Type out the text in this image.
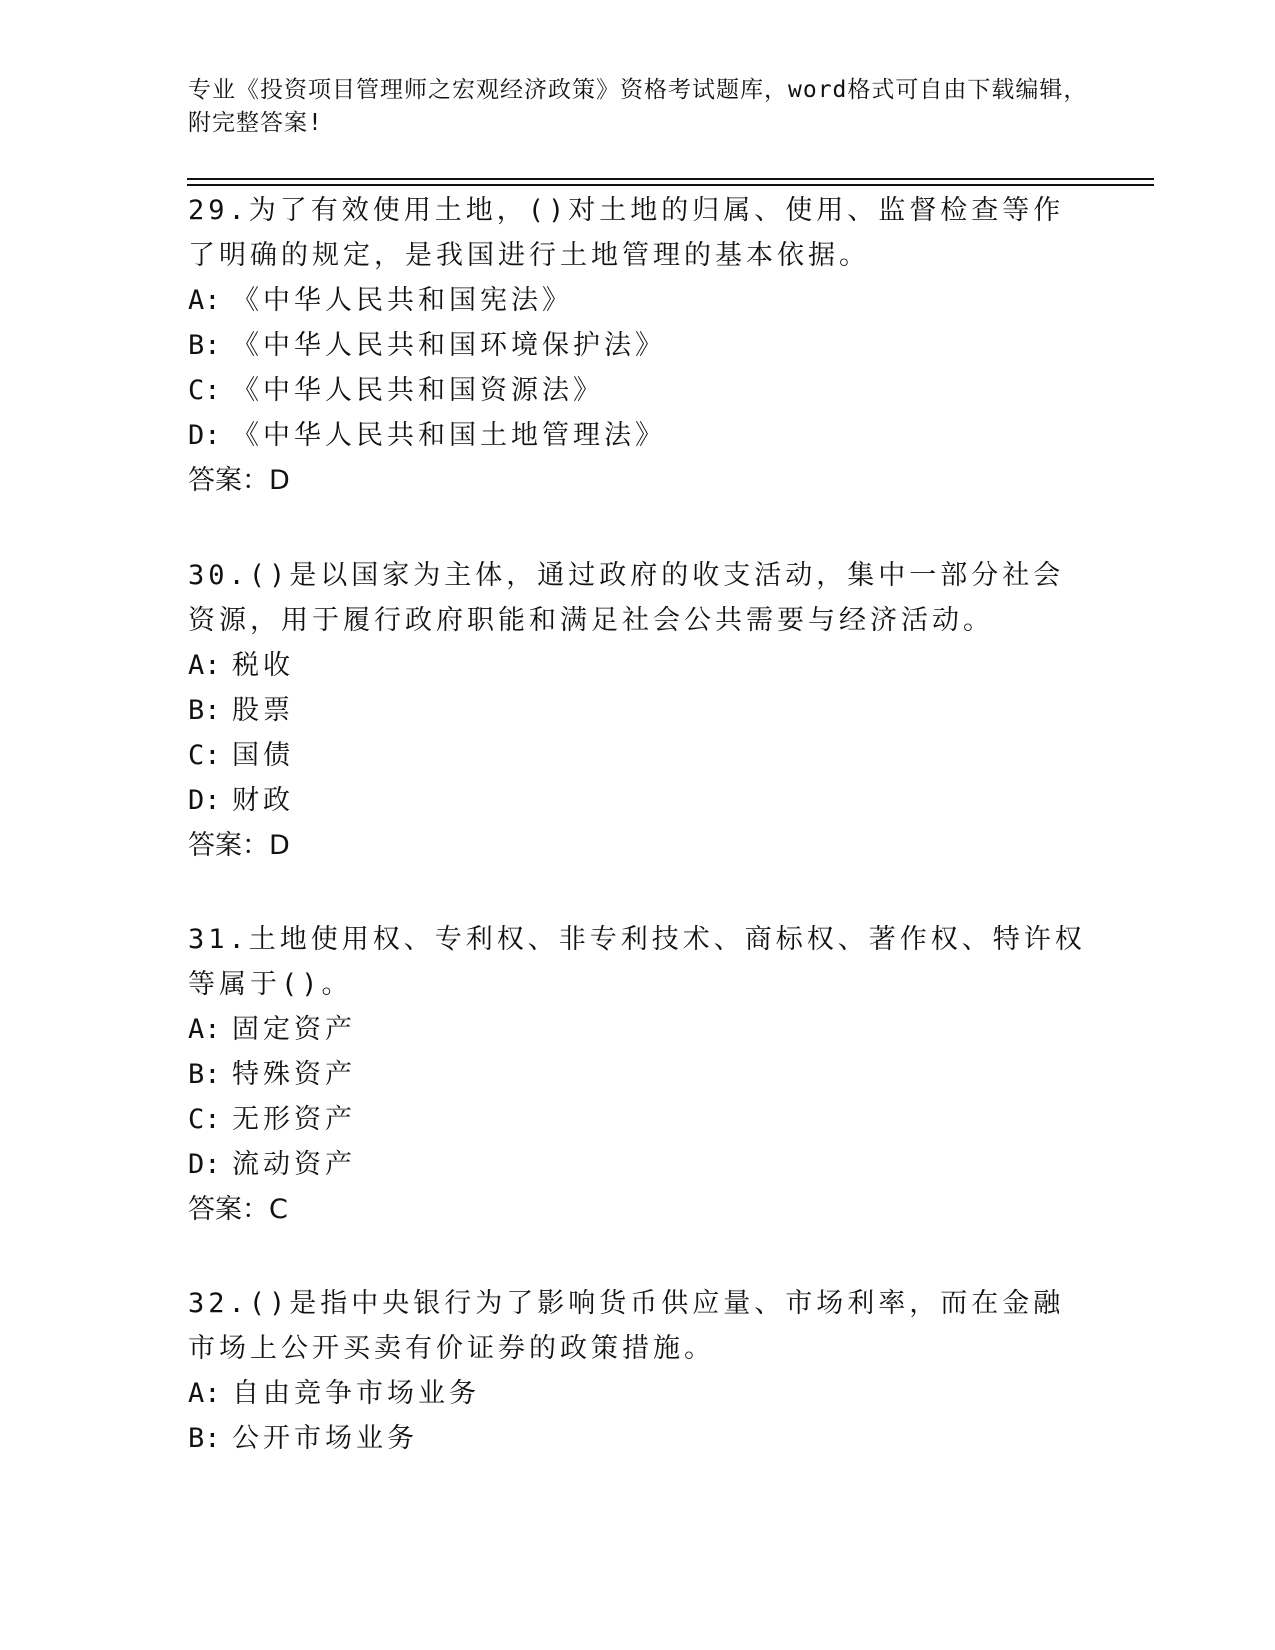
专业《投资项目管理师之宏观经济政策》资格考试题库，word格式可自由下载编辑，附完整答案!
29.为了有效使用土地，()对土地的归属、使用、监督检查等作了明确的规定，是我国进行土地管理的基本依据。
A: 《中华人民共和国宪法》
B: 《中华人民共和国环境保护法》
C: 《中华人民共和国资源法》
D: 《中华人民共和国土地管理法》
答案：D
30.()是以国家为主体，通过政府的收支活动，集中一部分社会资源，用于履行政府职能和满足社会公共需要与经济活动。
A: 税收
B: 股票
C: 国债
D: 财政
答案：D
31.土地使用权、专利权、非专利技术、商标权、著作权、特许权等属于()。
A: 固定资产
B: 特殊资产
C: 无形资产
D: 流动资产
答案：C
32.()是指中央银行为了影响货币供应量、市场利率，而在金融市场上公开买卖有价证券的政策措施。
A: 自由竞争市场业务
B: 公开市场业务
